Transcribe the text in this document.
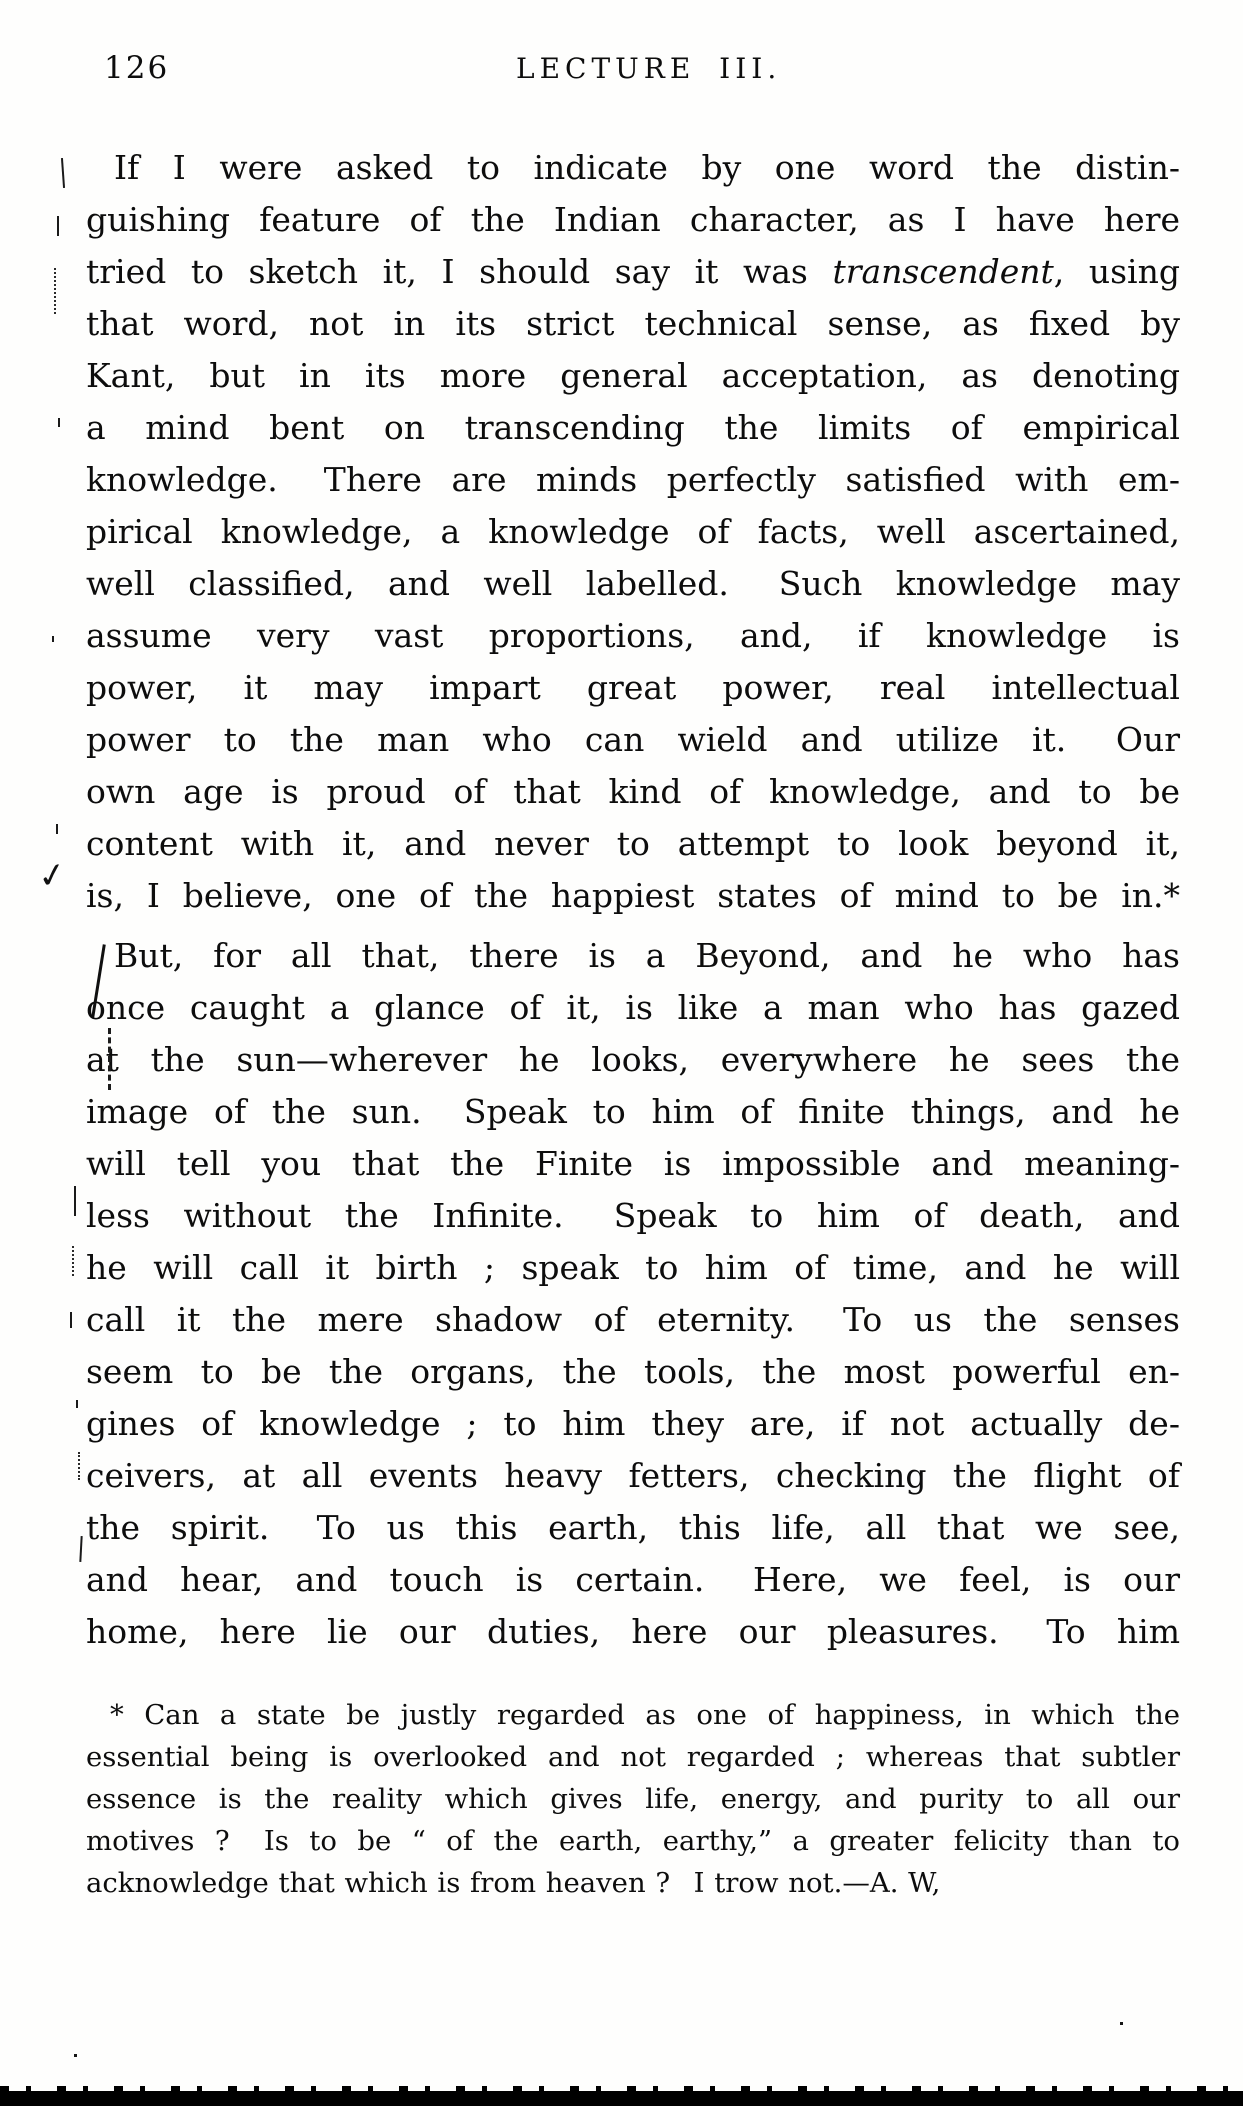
126	LECTURE III.
If I were asked to indicate by one word the distin-
guishing feature of the Indian character, as I have here
tried to sketch it, I should say it was transcendent, using
that word, not in its strict technical sense, as fixed by
Kant, but in its more general acceptation, as denoting
a mind bent on transcending the limits of empirical
knowledge.  There are minds perfectly satisfied with em-
pirical knowledge, a knowledge of facts, well ascertained,
well classified, and well labelled.  Such knowledge may
assume very vast proportions, and, if knowledge is
power, it may impart great power, real intellectual
power to the man who can wield and utilize it.  Our
own age is proud of that kind of knowledge, and to be
content with it, and never to attempt to look beyond it,
is, I believe, one of the happiest states of mind to be in.*
But, for all that, there is a Beyond, and he who has
once caught a glance of it, is like a man who has gazed
at the sun—wherever he looks, everywhere he sees the
image of the sun.  Speak to him of finite things, and he
will tell you that the Finite is impossible and meaning-
less without the Infinite.  Speak to him of death, and
he will call it birth ; speak to him of time, and he will
call it the mere shadow of eternity.  To us the senses
seem to be the organs, the tools, the most powerful en-
gines of knowledge ; to him they are, if not actually de-
ceivers, at all events heavy fetters, checking the flight of
the spirit.  To us this earth, this life, all that we see,
and hear, and touch is certain.  Here, we feel, is our
home, here lie our duties, here our pleasures.  To him
* Can a state be justly regarded as one of happiness, in which the
essential being is overlooked and not regarded ; whereas that subtler
essence is the reality which gives life, energy, and purity to all our
motives ?  Is to be “ of the earth, earthy,” a greater felicity than to
acknowledge that which is from heaven ?  I trow not.—A. W,
✓
